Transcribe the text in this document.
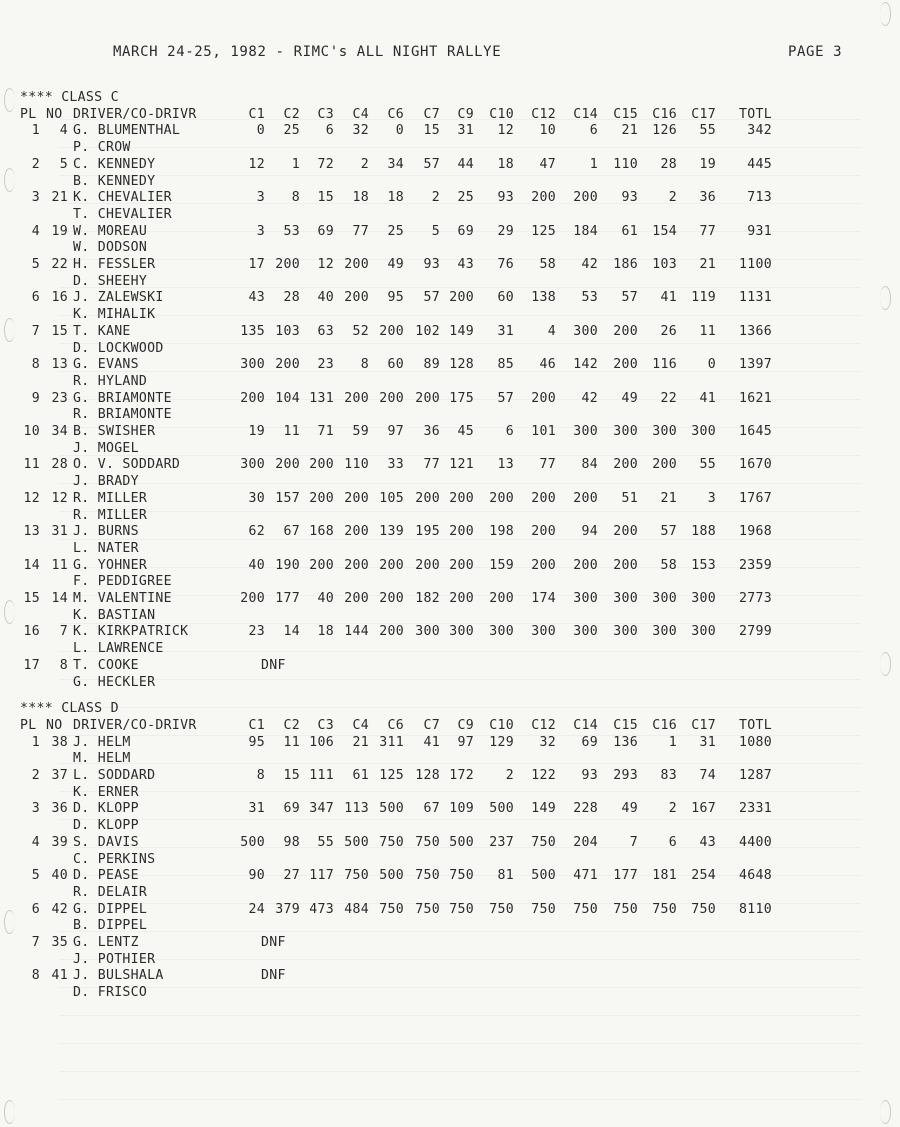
MARCH 24-25, 1982 - RIMC's ALL NIGHT RALLYE	PAGE 3
**** CLASS C
PL NO DRIVER/CO-DRIVR	C1 C2 C3 C4 C6 C7 C9 C10 C12 C14 C15 C16 C17 TOTL
1 4 G. BLUMENTHAL	0 25 6 32 0 15 31 12 10	6 21 126 55 342
P. CROW
2 5 C. KENNEDY	12 1 72 2 34 57 44 18 47	1 110 28 19 445
B. KENNEDY
3 21 K. CHEVALIER	3 8 15 18 18 2 25 93 200 200 93 2 36 713
T. CHEVALIER
4 19 W. MOREAU	3 53 69 77 25 5 69 29 125 184 61 154 77 931
W. DODSON
5 22 H. FESSLER	17 200 12 200 49 93 43 76 58 42 186 103 21 1100
D. SHEEHY
6 16 J. ZALEWSKI	43 28 40 200 95 57 200 60 138 53 57 41 119 1131
K. MIHALIK
7 15 T. KANE	135 103 63 52 200 102 149 31	4 300 200 26 11 1366
D. LOCKWOOD
8 13 G. EVANS	300 200 23 8 60 89 128 85 46 142 200 116 0 1397
R. HYLAND
9 23 G. BRIAMONTE	200 104 131 200 200 200 175 57 200 42 49 22 41 1621
R. BRIAMONTE
10 34 B. SWISHER	19 11 71 59 97 36 45 6 101 300 300 300 300 1645
J. MOGEL
11 28 O. V. SODDARD	300 200 200 110 33 77 121 13 77 84 200 200 55 1670
J. BRADY
12 12 R. MILLER	30 157 200 200 105 200 200 200 200 200 51 21 3 1767
R. MILLER
13 31 J. BURNS	62 67 168 200 139 195 200 198 200 94 200 57 188 1968
L. NATER
14 11 G. YOHNER	40 190 200 200 200 200 200 159 200 200 200 58 153 2359
F. PEDDIGREE
15 14 M. VALENTINE	200 177 40 200 200 182 200 200 174 300 300 300 300 2773
K. BASTIAN
16 7 K. KIRKPATRICK	23 14 18 144 200 300 300 300 300 300 300 300 300 2799
L. LAWRENCE
17 8 T. COOKE	DNF
G. HECKLER
**** CLASS D
PL NO DRIVER/CO-DRIVR	C1 C2 C3 C4 C6 C7 C9 C10 C12 C14 C15 C16 C17 TOTL
1 38 J. HELM	95 11 106 21 311 41 97 129 32 69 136 1 31 1080
M. HELM
2 37 L. SODDARD	8 15 111 61 125 128 172 2 122 93 293 83 74 1287
K. ERNER
3 36 D. KLOPP	31 69 347 113 500 67 109 500 149 228 49 2 167 2331
D. KLOPP
4 39 S. DAVIS	500 98 55 500 750 750 500 237 750 204 7 6 43 4400
C. PERKINS
5 40 D. PEASE	90 27 117 750 500 750 750 81 500 471 177 181 254 4648
R. DELAIR
6 42 G. DIPPEL	24 379 473 484 750 750 750 750 750 750 750 750 750 8110
B. DIPPEL
7 35 G. LENTZ	DNF
J. POTHIER
8 41 J. BULSHALA	DNF
D. FRISCO
